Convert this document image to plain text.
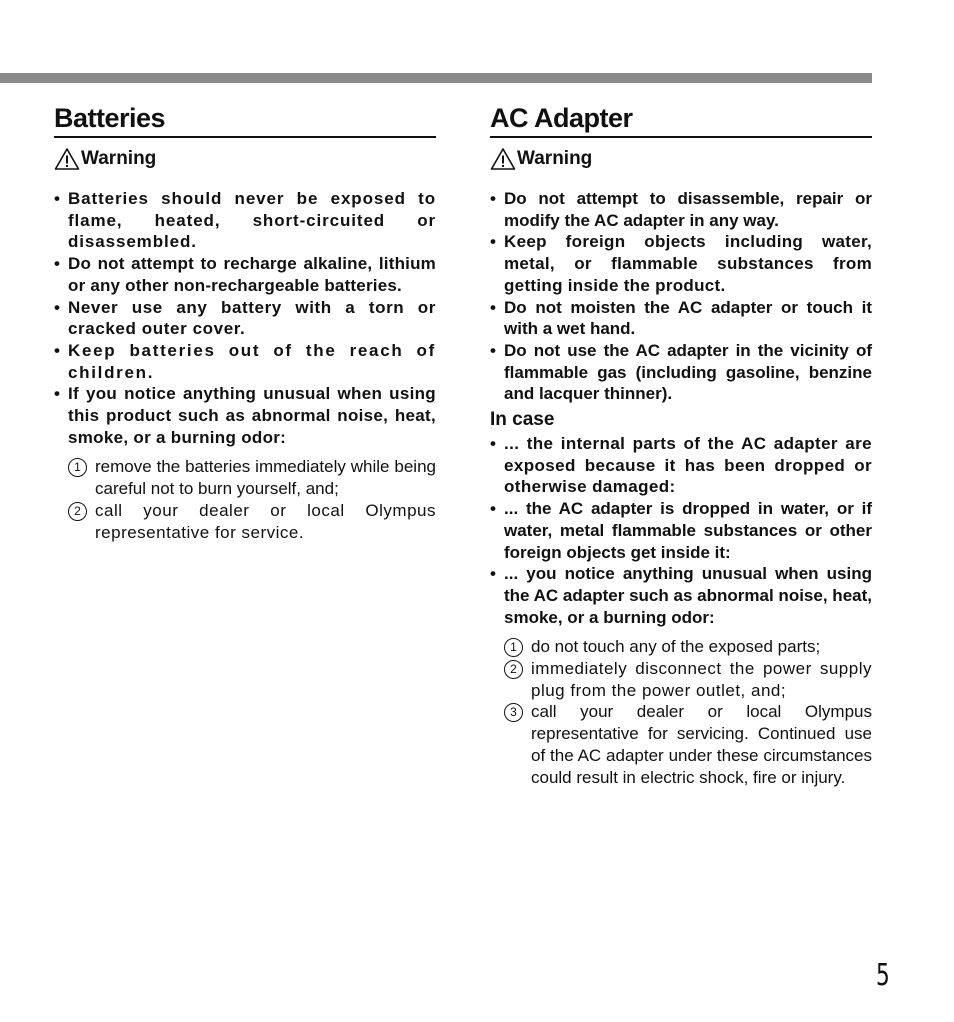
Batteries
Warning
• Batteries should never be exposed to flame, heated, short-circuited or disassembled.
• Do not attempt to recharge alkaline, lithium or any other non-rechargeable batteries.
• Never use any battery with a torn or cracked outer cover.
• Keep batteries out of the reach of children.
• If you notice anything unusual when using this product such as abnormal noise, heat, smoke, or a burning odor:
1 remove the batteries immediately while being careful not to burn yourself, and;
2 call your dealer or local Olympus representative for service.
AC Adapter
Warning
• Do not attempt to disassemble, repair or modify the AC adapter in any way.
• Keep foreign objects including water, metal, or flammable substances from getting inside the product.
• Do not moisten the AC adapter or touch it with a wet hand.
• Do not use the AC adapter in the vicinity of flammable gas (including gasoline, benzine and lacquer thinner).
In case
• ... the internal parts of the AC adapter are exposed because it has been dropped or otherwise damaged:
• ... the AC adapter is dropped in water, or if water, metal flammable substances or other foreign objects get inside it:
• ... you notice anything unusual when using the AC adapter such as abnormal noise, heat, smoke, or a burning odor:
1 do not touch any of the exposed parts;
2 immediately disconnect the power supply plug from the power outlet, and;
3 call your dealer or local Olympus representative for servicing. Continued use of the AC adapter under these circumstances could result in electric shock, fire or injury.
5
